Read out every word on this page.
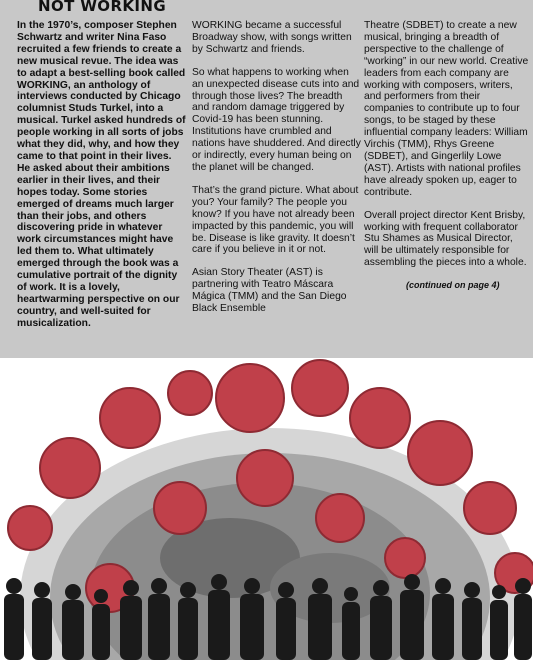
NOT WORKING

In the 1970’s, composer Stephen Schwartz and writer Nina Faso recruited a few friends to create a new musical revue. The idea was to adapt a best-selling book called WORKING, an anthology of interviews conducted by Chicago columnist Studs Turkel, into a musical. Turkel asked hundreds of people working in all sorts of jobs what they did, why, and how they came to that point in their lives. He asked about their ambitions earlier in their lives, and their hopes today. Some stories emerged of dreams much larger than their jobs, and others discovering pride in whatever work circumstances might have led them to. What ultimately emerged through the book was a cumulative portrait of the dignity of work. It is a lovely, heartwarming perspective on our country, and well-suited for musicalization.

WORKING became a successful Broadway show, with songs written by Schwartz and friends.

So what happens to working when an unexpected disease cuts into and through those lives? The breadth and random damage triggered by Covid-19 has been stunning. Institutions have crumbled and nations have shuddered. And directly or indirectly, every human being on the planet will be changed.

That’s the grand picture. What about you? Your family? The people you know? If you have not already been impacted by this pandemic, you will be. Disease is like gravity. It doesn’t care if you believe in it or not.

Asian Story Theater (AST) is partnering with Teatro Máscara Mágica (TMM) and the San Diego Black Ensemble

Theatre (SDBET) to create a new musical, bringing a breadth of perspective to the challenge of “working” in our new world. Creative leaders from each company are working with composers, writers, and performers from their companies to contribute up to four songs, to be staged by these influential company leaders: William Virchis (TMM), Rhys Greene (SDBET), and Gingerlily Lowe (AST). Artists with national profiles have already spoken up, eager to contribute.

Overall project director Kent Brisby, working with frequent collaborator Stu Shames as Musical Director, will be ultimately responsible for assembling the pieces into a whole.

(continued on page 4)
